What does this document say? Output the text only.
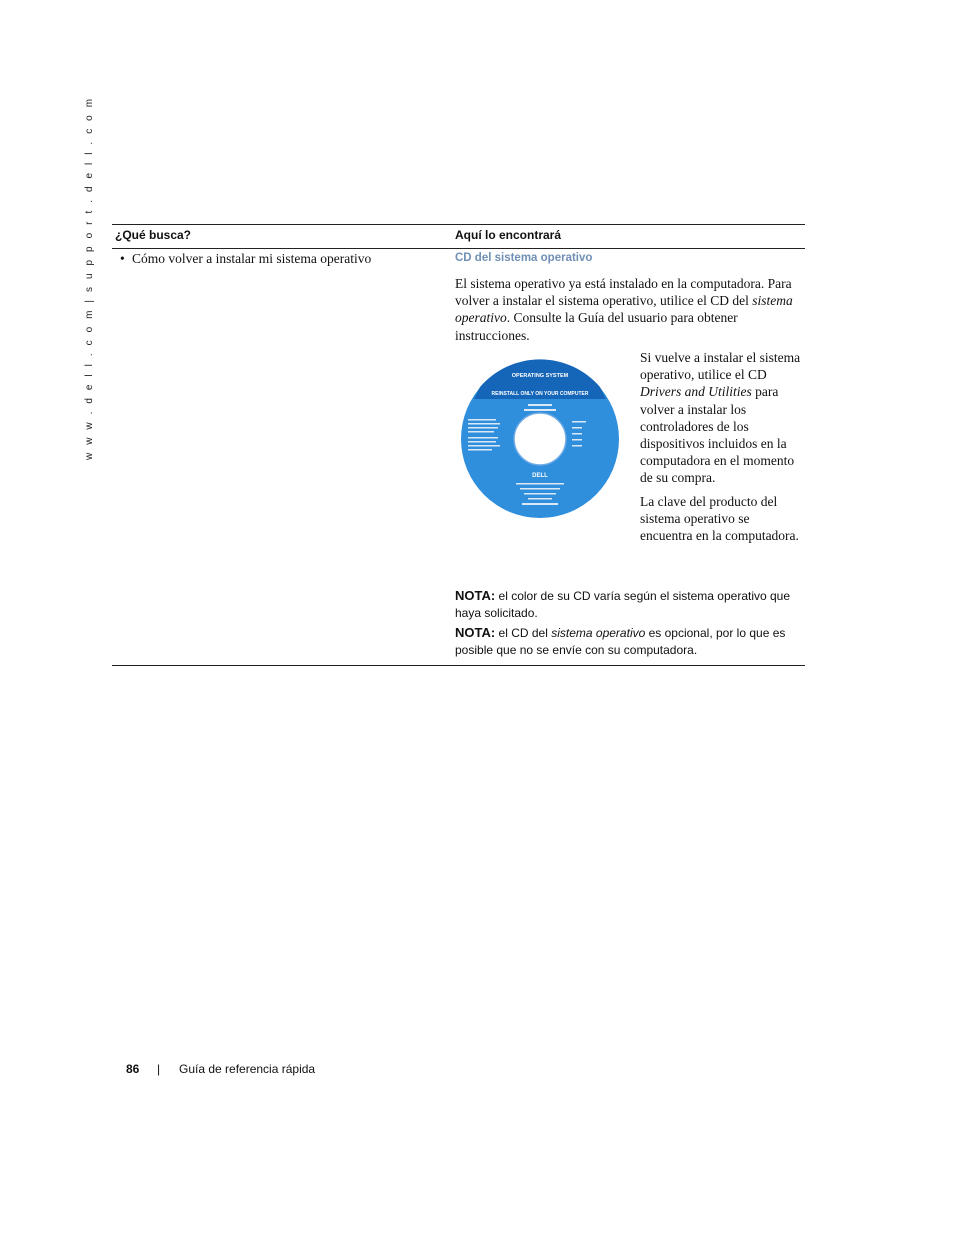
w w w . d e l l . c o m | s u p p o r t . d e l l . c o m ¿Qué busca?	Aquí lo encontrará
• Cómo volver a instalar mi sistema operativo	CD del sistema operativo
El sistema operativo ya está instalado en la computadora. Para volver a instalar el sistema operativo, utilice el CD del sistema operativo. Consulte la Guía del usuario para obtener instrucciones.
OPERATING SYSTEM
REINSTALL ONLY ON YOUR COMPUTER
DELL

Si vuelve a instalar el sistema operativo, utilice el CD Drivers and Utilities para volver a instalar los controladores de los dispositivos incluidos en la computadora en el momento de su compra.

La clave del producto del sistema operativo se encuentra en la computadora.

NOTA: el color de su CD varía según el sistema operativo que haya solicitado.
NOTA: el CD del sistema operativo es opcional, por lo que es posible que no se envíe con su computadora.
86 | Guía de referencia rápida
